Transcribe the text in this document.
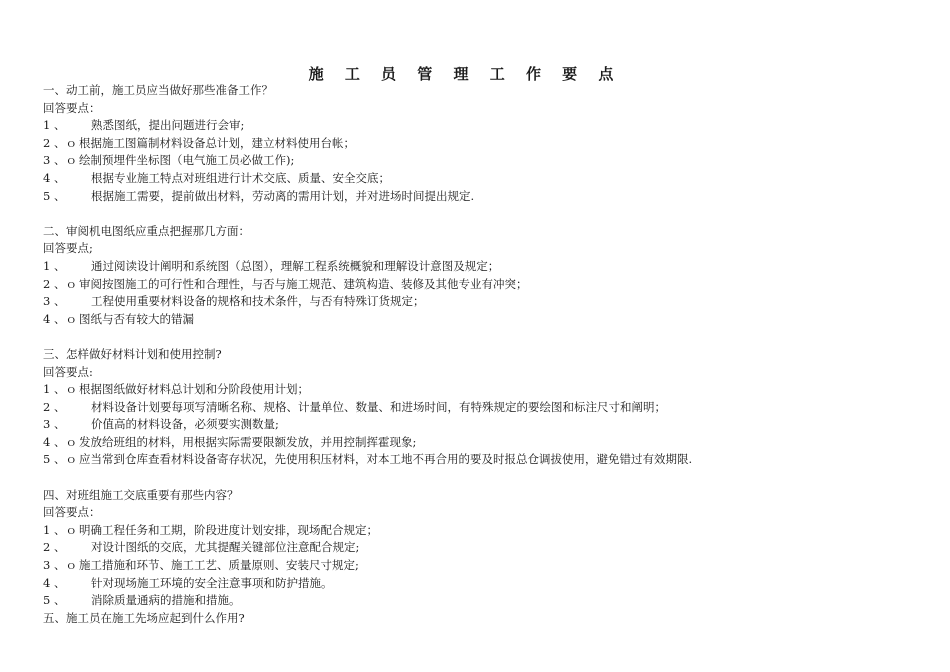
施 工 员 管 理 工 作 要 点
一、动工前，施工员应当做好那些准备工作？
回答要点：
1 、 熟悉图纸，提出问题进行会审;
2 、ｏ 根据施工图篇制材料设备总计划，建立材料使用台帐；
3 、ｏ 绘制预埋件坐标图（电气施工员必做工作);
4 、 根据专业施工特点对班组进行计术交底、质量、安全交底；
5 、 根据施工需要，提前做出材料，劳动离的需用计划，并对进场时间提出规定.
二、审阅机电图纸应重点把握那几方面：
回答要点;
1 、 通过阅读设计阐明和系统图（总图），理解工程系统概貌和理解设计意图及规定；
2 、ｏ 审阅按图施工的可行性和合理性，与否与施工规范、建筑构造、装修及其他专业有冲突；
3 、 工程使用重要材料设备的规格和技术条件，与否有特殊订货规定；
4 、ｏ 图纸与否有较大的错漏
三、怎样做好材料计划和使用控制?
回答要点:
1 、ｏ 根据图纸做好材料总计划和分阶段使用计划；
2 、 材料设备计划要每项写清晰名称、规格、计量单位、数量、和进场时间，有特殊规定的要绘图和标注尺寸和阐明；
3 、 价值高的材料设备，必须要实测数量;
4 、ｏ 发放给班组的材料，用根据实际需要限额发放，并用控制挥霍现象;
5 、ｏ 应当常到仓库查看材料设备寄存状况，先使用积压材料，对本工地不再合用的要及时报总仓调拔使用，避免错过有效期限.
四、对班组施工交底重要有那些内容？
回答要点：
1 、ｏ 明确工程任务和工期，阶段进度计划安排，现场配合规定；
2 、 对设计图纸的交底，尤其提醒关键部位注意配合规定;
3 、ｏ 施工措施和环节、施工工艺、质量原则、安装尺寸规定;
4 、 针对现场施工环境的安全注意事项和防护措施。
5 、 消除质量通病的措施和措施。
五、施工员在施工先场应起到什么作用?
